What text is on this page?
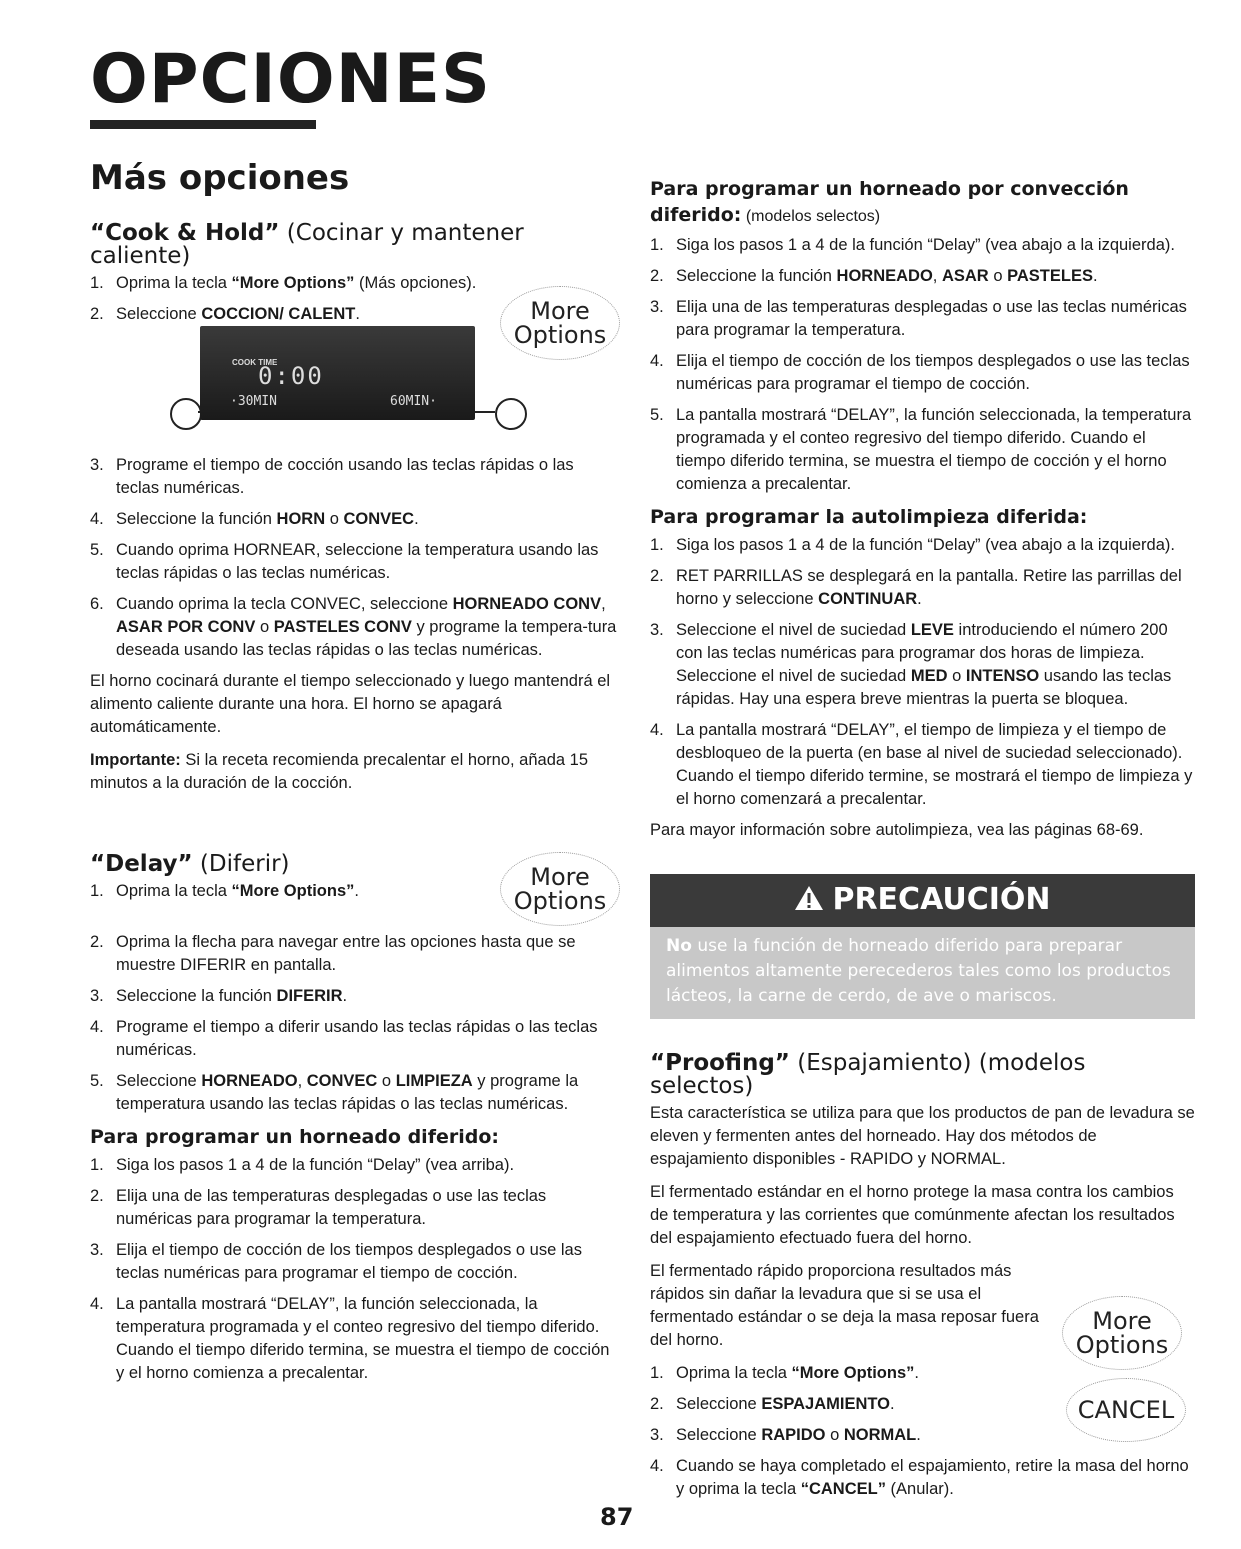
OPCIONES
Más opciones
“Cook & Hold” (Cocinar y mantener caliente)
1. Oprima la tecla “More Options” (Más opciones).
2. Seleccione COCCION/ CALENT.	More
Options
COOK TIME
0:00
·30MIN	60MIN·
3. Programe el tiempo de cocción usando las teclas rápidas o las teclas numéricas.
4. Seleccione la función HORN o CONVEC.
5. Cuando oprima HORNEAR, seleccione la temperatura usando las teclas rápidas o las teclas numéricas.
6. Cuando oprima la tecla CONVEC, seleccione HORNEADO CONV, ASAR POR CONV o PASTELES CONV y programe la tempera-tura deseada usando las teclas rápidas o las teclas numéricas.

El horno cocinará durante el tiempo seleccionado y luego mantendrá el alimento caliente durante una hora. El horno se apagará automáticamente.

Importante: Si la receta recomienda precalentar el horno, añada 15 minutos a la duración de la cocción.

“Delay” (Diferir)
1. Oprima la tecla “More Options”.	More
Options
2. Oprima la flecha para navegar entre las opciones hasta que se muestre DIFERIR en pantalla.
3. Seleccione la función DIFERIR.
4. Programe el tiempo a diferir usando las teclas rápidas o las teclas numéricas.
5. Seleccione HORNEADO, CONVEC o LIMPIEZA y programe la temperatura usando las teclas rápidas o las teclas numéricas.
Para programar un horneado diferido:
1. Siga los pasos 1 a 4 de la función “Delay” (vea arriba).
2. Elija una de las temperaturas desplegadas o use las teclas numéricas para programar la temperatura.
3. Elija el tiempo de cocción de los tiempos desplegados o use las teclas numéricas para programar el tiempo de cocción.
4. La pantalla mostrará “DELAY”, la función seleccionada, la temperatura programada y el conteo regresivo del tiempo diferido. Cuando el tiempo diferido termina, se muestra el tiempo de cocción y el horno comienza a precalentar.
Para programar un horneado por convección diferido: (modelos selectos)
1. Siga los pasos 1 a 4 de la función “Delay” (vea abajo a la izquierda).
2. Seleccione la función HORNEADO, ASAR o PASTELES.
3. Elija una de las temperaturas desplegadas o use las teclas numéricas para programar la temperatura.
4. Elija el tiempo de cocción de los tiempos desplegados o use las teclas numéricas para programar el tiempo de cocción.
5. La pantalla mostrará “DELAY”, la función seleccionada, la temperatura programada y el conteo regresivo del tiempo diferido. Cuando el tiempo diferido termina, se muestra el tiempo de cocción y el horno comienza a precalentar.
Para programar la autolimpieza diferida:
1. Siga los pasos 1 a 4 de la función “Delay” (vea abajo a la izquierda).
2. RET PARRILLAS se desplegará en la pantalla. Retire las parrillas del horno y seleccione CONTINUAR.
3. Seleccione el nivel de suciedad LEVE introduciendo el número 200 con las teclas numéricas para programar dos horas de limpieza. Seleccione el nivel de suciedad MED o INTENSO usando las teclas rápidas. Hay una espera breve mientras la puerta se bloquea.
4. La pantalla mostrará “DELAY”, el tiempo de limpieza y el tiempo de desbloqueo de la puerta (en base al nivel de suciedad seleccionado). Cuando el tiempo diferido termine, se mostrará el tiempo de limpieza y el horno comenzará a precalentar.

Para mayor información sobre autolimpieza, vea las páginas 68-69.

PRECAUCIÓN
No use la función de horneado diferido para preparar alimentos altamente perecederos tales como los productos lácteos, la carne de cerdo, de ave o mariscos.
“Proofing” (Espajamiento) (modelos selectos)

Esta característica se utiliza para que los productos de pan de levadura se eleven y fermenten antes del horneado. Hay dos métodos de espajamiento disponibles - RAPIDO y NORMAL.

El fermentado estándar en el horno protege la masa contra los cambios de temperatura y las corrientes que comúnmente afectan los resultados del espajamiento efectuado fuera del horno.

El fermentado rápido proporciona resultados más rápidos sin dañar la levadura que si se usa el fermentado estándar o se deja la masa reposar fuera del horno.

1. Oprima la tecla “More Options”.
2. Seleccione ESPAJAMIENTO.
3. Seleccione RAPIDO o NORMAL.
4. Cuando se haya completado el espajamiento, retire la masa del horno y oprima la tecla “CANCEL” (Anular).
More
Options
CANCEL
87
